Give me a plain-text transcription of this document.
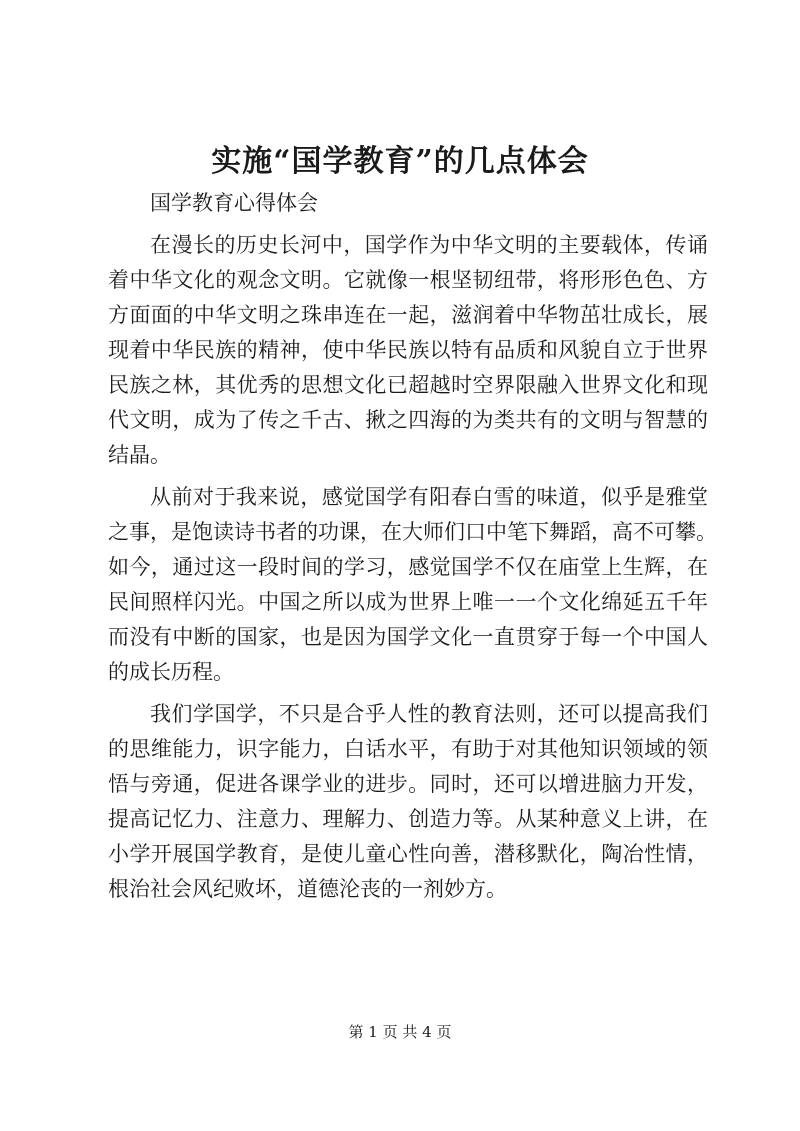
实施“国学教育”的几点体会
国学教育心得体会
在漫长的历史长河中，国学作为中华文明的主要载体，传诵
着中华文化的观念文明。它就像一根坚韧纽带，将形形色色、方
方面面的中华文明之珠串连在一起，滋润着中华物茁壮成长，展
现着中华民族的精神，使中华民族以特有品质和风貌自立于世界
民族之林，其优秀的思想文化已超越时空界限融入世界文化和现
代文明，成为了传之千古、揪之四海的为类共有的文明与智慧的
结晶。
从前对于我来说，感觉国学有阳春白雪的味道，似乎是雅堂
之事，是饱读诗书者的功课，在大师们口中笔下舞蹈，高不可攀。
如今，通过这一段时间的学习，感觉国学不仅在庙堂上生辉，在
民间照样闪光。中国之所以成为世界上唯一一个文化绵延五千年
而没有中断的国家，也是因为国学文化一直贯穿于每一个中国人
的成长历程。
我们学国学，不只是合乎人性的教育法则，还可以提高我们
的思维能力，识字能力，白话水平，有助于对其他知识领域的领
悟与旁通，促进各课学业的进步。同时，还可以增进脑力开发，
提高记忆力、注意力、理解力、创造力等。从某种意义上讲，在
小学开展国学教育，是使儿童心性向善，潜移默化，陶冶性情，
根治社会风纪败坏，道德沦丧的一剂妙方。
第 1 页 共 4 页
